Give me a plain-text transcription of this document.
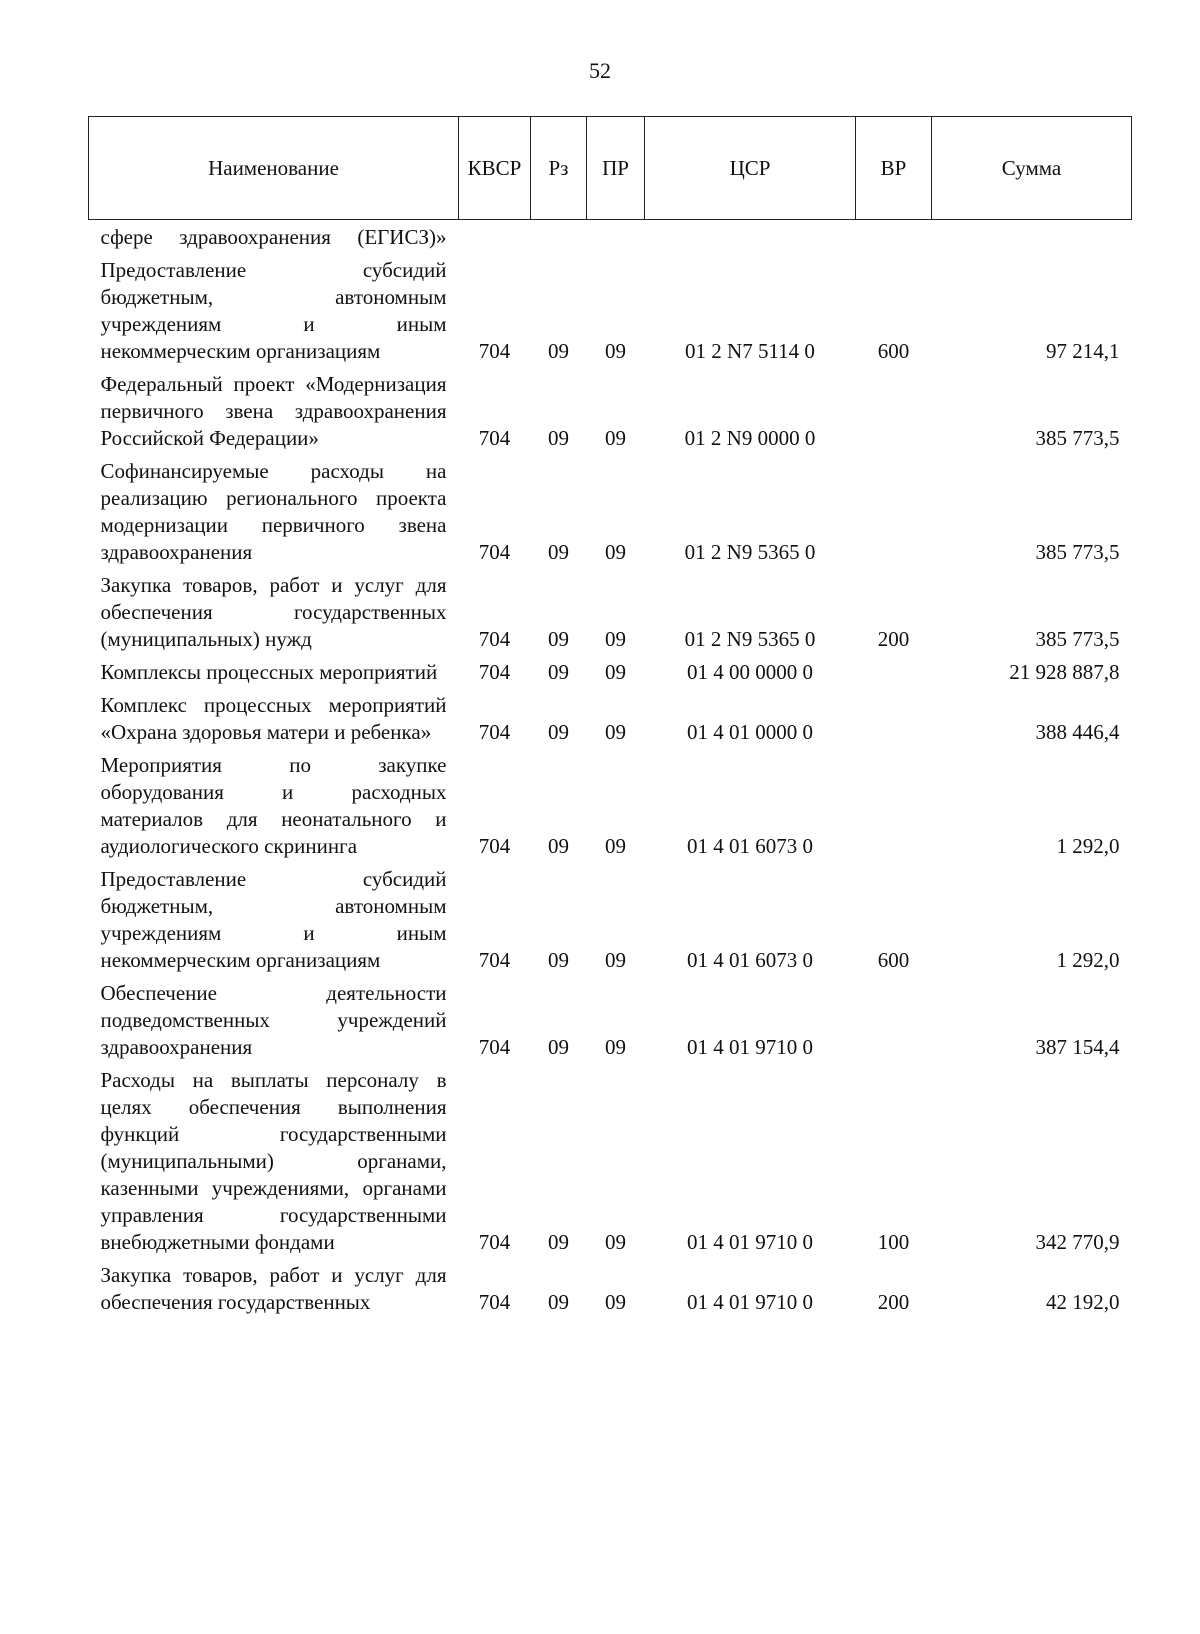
52
Наименование	КВСР	Рз	ПР	ЦСР	ВР	Сумма
сфере здравоохранения (ЕГИСЗ)»						
Предоставление субсидий бюджетным, автономным учреждениям и иным некоммерческим организациям	704	09	09	01 2 N7 5114 0	600	97 214,1
Федеральный проект «Модернизация первичного звена здравоохранения Российской Федерации»	704	09	09	01 2 N9 0000 0		385 773,5
Софинансируемые расходы на реализацию регионального проекта модернизации первичного звена здравоохранения	704	09	09	01 2 N9 5365 0		385 773,5
Закупка товаров, работ и услуг для обеспечения государственных (муниципальных) нужд	704	09	09	01 2 N9 5365 0	200	385 773,5
Комплексы процессных мероприятий	704	09	09	01 4 00 0000 0		21 928 887,8
Комплекс процессных мероприятий «Охрана здоровья матери и ребенка»	704	09	09	01 4 01 0000 0		388 446,4
Мероприятия по закупке оборудования и расходных материалов для неонатального и аудиологического скрининга	704	09	09	01 4 01 6073 0		1 292,0
Предоставление субсидий бюджетным, автономным учреждениям и иным некоммерческим организациям	704	09	09	01 4 01 6073 0	600	1 292,0
Обеспечение деятельности подведомственных учреждений здравоохранения	704	09	09	01 4 01 9710 0		387 154,4
Расходы на выплаты персоналу в целях обеспечения выполнения функций государственными (муниципальными) органами, казенными учреждениями, органами управления государственными внебюджетными фондами	704	09	09	01 4 01 9710 0	100	342 770,9
Закупка товаров, работ и услуг для обеспечения государственных	704	09	09	01 4 01 9710 0	200	42 192,0
